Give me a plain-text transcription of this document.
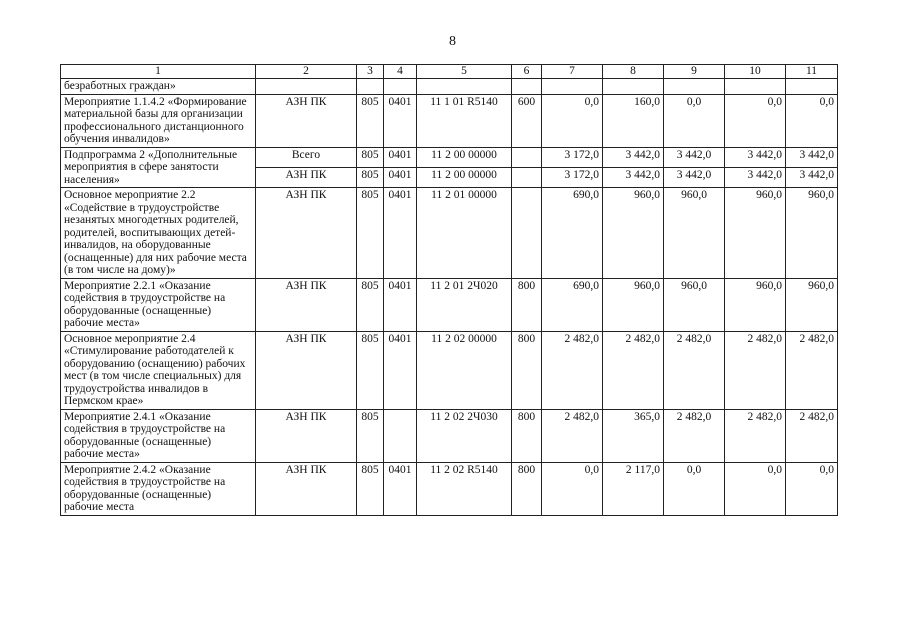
8
1	2	3	4	5	6	7	8	9	10	11
безработных граждан»										
Мероприятие 1.1.4.2 «Формирование материальной базы для организации профессионального дистанционного обучения инвалидов»	АЗН ПК	805	0401	11 1 01 R5140	600	0,0	160,0	0,0	0,0	0,0
Подпрограмма 2 «Дополнительные мероприятия в сфере занятости населения»	Всего	805	0401	11 2 00 00000		3 172,0	3 442,0	3 442,0	3 442,0	3 442,0
	АЗН ПК	805	0401	11 2 00 00000		3 172,0	3 442,0	3 442,0	3 442,0	3 442,0
Основное мероприятие 2.2 «Содействие в трудоустройстве незанятых многодетных родителей, родителей, воспитывающих детей-инвалидов, на оборудованные (оснащенные) для них рабочие места (в том числе на дому)»	АЗН ПК	805	0401	11 2 01 00000		690,0	960,0	960,0	960,0	960,0
Мероприятие 2.2.1 «Оказание содействия в трудоустройстве на оборудованные (оснащенные) рабочие места»	АЗН ПК	805	0401	11 2 01 2Ч020	800	690,0	960,0	960,0	960,0	960,0
Основное мероприятие 2.4 «Стимулирование работодателей к оборудованию (оснащению) рабочих мест (в том числе специальных) для трудоустройства инвалидов в Пермском крае»	АЗН ПК	805	0401	11 2 02 00000	800	2 482,0	2 482,0	2 482,0	2 482,0	2 482,0
Мероприятие 2.4.1 «Оказание содействия в трудоустройстве на оборудованные (оснащенные) рабочие места»	АЗН ПК	805		11 2 02 2Ч030	800	2 482,0	365,0	2 482,0	2 482,0	2 482,0
Мероприятие 2.4.2 «Оказание содействия в трудоустройстве на оборудованные (оснащенные) рабочие места	АЗН ПК	805	0401	11 2 02 R5140	800	0,0	2 117,0	0,0	0,0	0,0
